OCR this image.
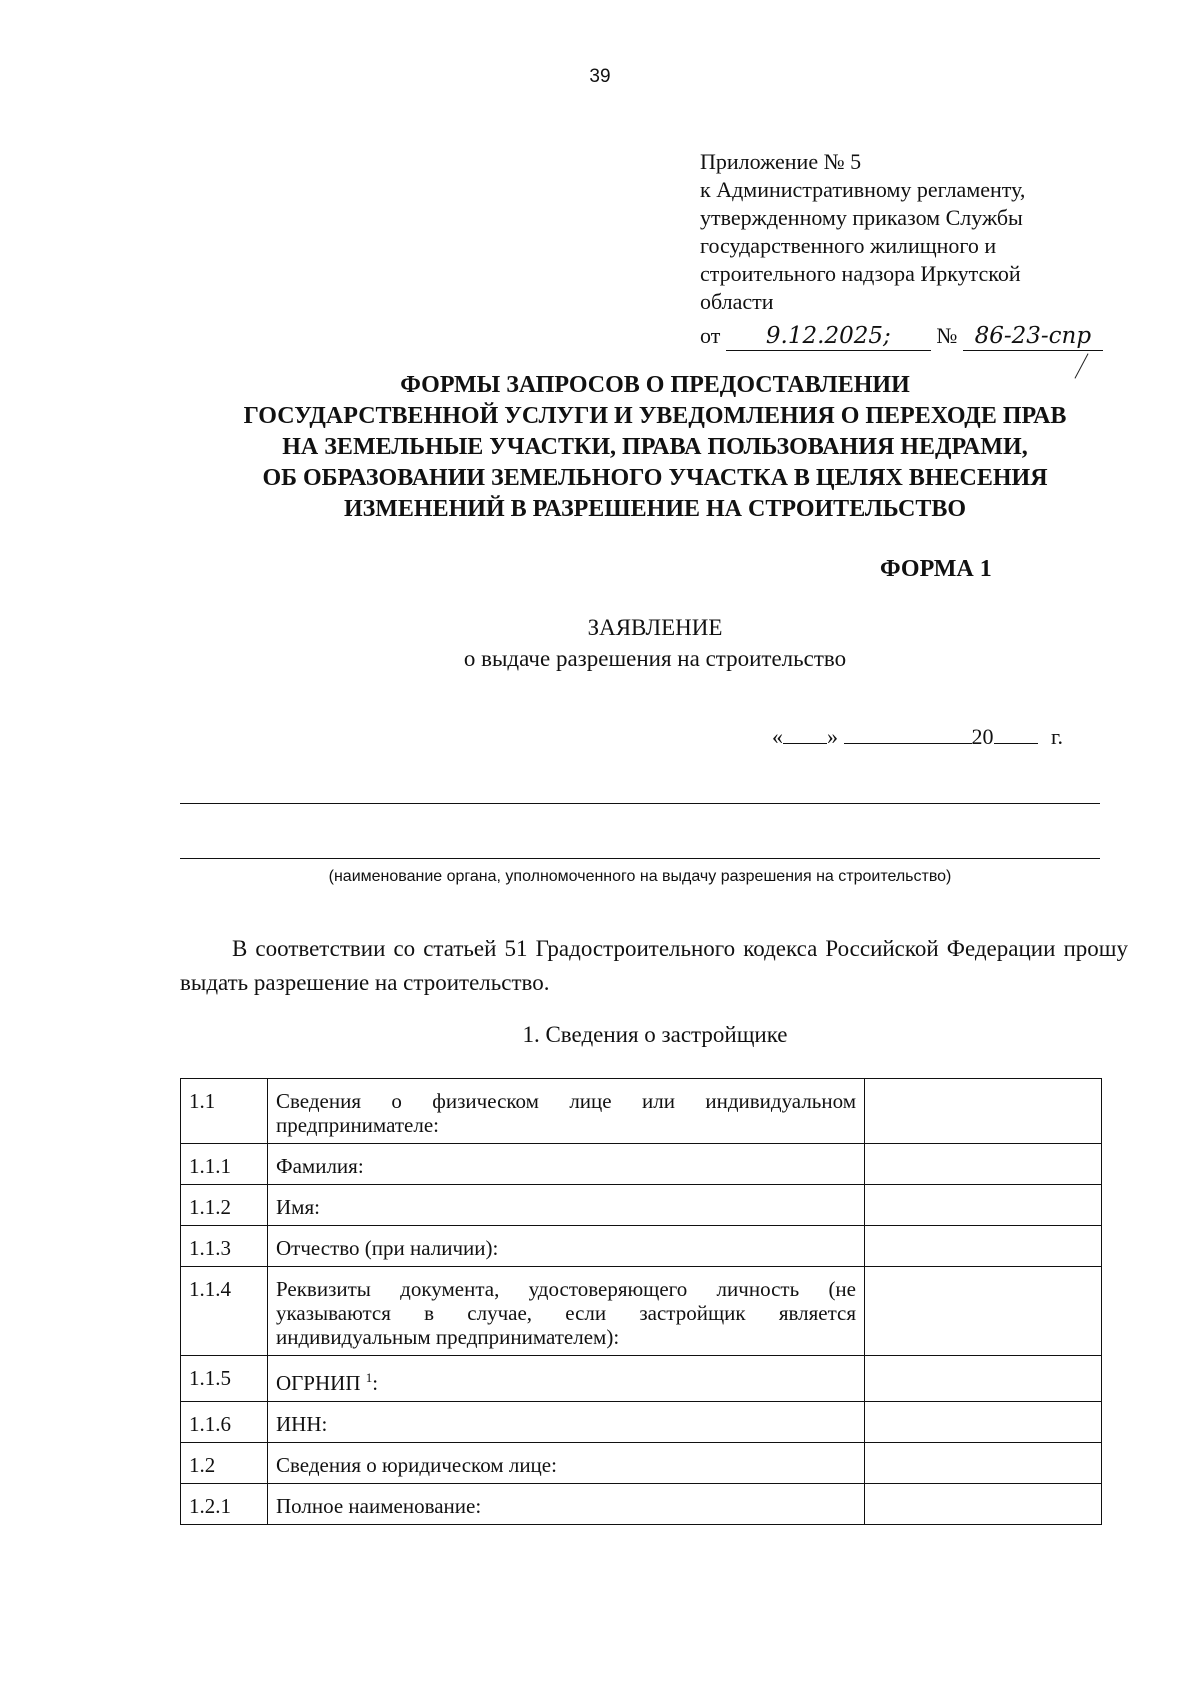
39
Приложение № 5
к Административному регламенту,
утвержденному приказом Службы
государственного жилищного и
строительного надзора Иркутской
области
от 9.12.2025; № 86-23-спр
ФОРМЫ ЗАПРОСОВ О ПРЕДОСТАВЛЕНИИ
ГОСУДАРСТВЕННОЙ УСЛУГИ И УВЕДОМЛЕНИЯ О ПЕРЕХОДЕ ПРАВ
НА ЗЕМЕЛЬНЫЕ УЧАСТКИ, ПРАВА ПОЛЬЗОВАНИЯ НЕДРАМИ,
ОБ ОБРАЗОВАНИИ ЗЕМЕЛЬНОГО УЧАСТКА В ЦЕЛЯХ ВНЕСЕНИЯ
ИЗМЕНЕНИЙ В РАЗРЕШЕНИЕ НА СТРОИТЕЛЬСТВО
ФОРМА 1
ЗАЯВЛЕНИЕ
о выдаче разрешения на строительство
« »	20	г.
(наименование органа, уполномоченного на выдачу разрешения на строительство)
В соответствии со статьей 51 Градостроительного кодекса Российской Федерации прошу выдать разрешение на строительство.
1. Сведения о застройщике
1.1	Сведения о физическом лице или индивидуальном предпринимателе:	
1.1.1	Фамилия:	
1.1.2	Имя:	
1.1.3	Отчество (при наличии):	
1.1.4	Реквизиты документа, удостоверяющего личность (не указываются в случае, если застройщик является индивидуальным предпринимателем):	
1.1.5	ОГРНИП $^1$:	
1.1.6	ИНН:	
1.2	Сведения о юридическом лице:	
1.2.1	Полное наименование:	
